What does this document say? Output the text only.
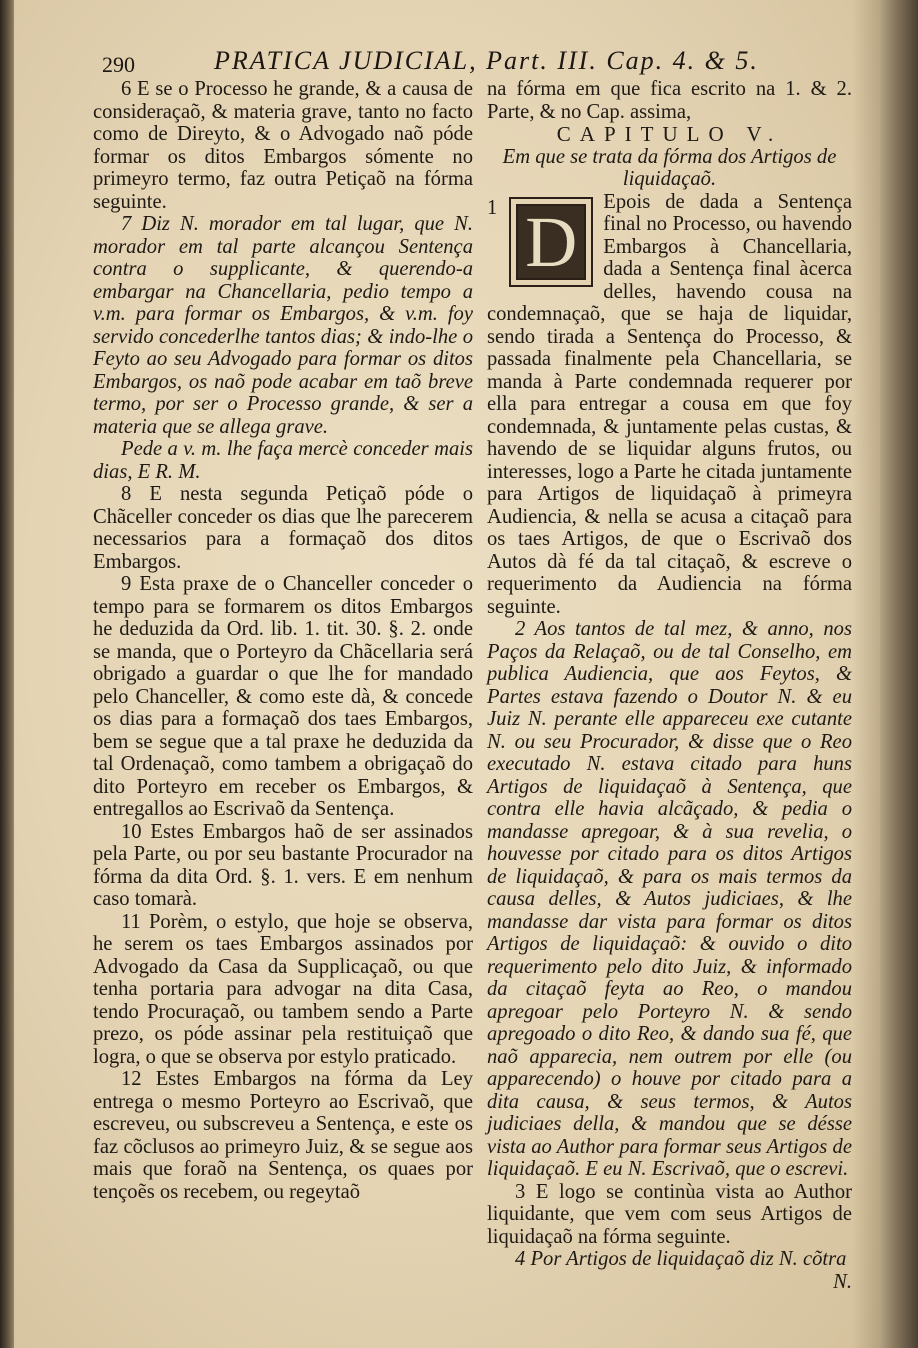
290	PRATICA JUDICIAL, Part. III. Cap. 4. & 5.

6 E se o Processo he grande, & a causa de consideraçaõ, & materia grave, tanto no facto como de Direyto, & o Advogado naõ póde formar os ditos Embargos sómente no primeyro termo, faz outra Petiçaõ na fórma seguinte.

7 Diz N. morador em tal lugar, que N. morador em tal parte alcançou Sentença contra o supplicante, & querendo-a embargar na Chancellaria, pedio tempo a v.m. para formar os Embargos, & v.m. foy servido concederlhe tantos dias; & indo-lhe o Feyto ao seu Advogado para formar os ditos Embargos, os naõ pode acabar em taõ breve termo, por ser o Processo grande, & ser a materia que se allega grave.

Pede a v. m. lhe faça mercè conceder mais dias, E R. M.

8 E nesta segunda Petiçaõ póde o Chãceller conceder os dias que lhe parecerem necessarios para a formaçaõ dos ditos Embargos.

9 Esta praxe de o Chanceller conceder o tempo para se formarem os ditos Embargos he deduzida da Ord. lib. 1. tit. 30. §. 2. onde se manda, que o Porteyro da Chãcellaria será obrigado a guardar o que lhe for mandado pelo Chanceller, & como este dà, & concede os dias para a formaçaõ dos taes Embargos, bem se segue que a tal praxe he deduzida da tal Ordenaçaõ, como tambem a obrigaçaõ do dito Porteyro em receber os Embargos, & entregallos ao Escrivaõ da Sentença.

10 Estes Embargos haõ de ser assinados pela Parte, ou por seu bastante Procurador na fórma da dita Ord. §. 1. vers. E em nenhum caso tomarà.

11 Porèm, o estylo, que hoje se observa, he serem os taes Embargos assinados por Advogado da Casa da Supplicaçaõ, ou que tenha portaria para advogar na dita Casa, tendo Procuraçaõ, ou tambem sendo a Parte prezo, os póde assinar pela restituiçaõ que logra, o que se observa por estylo praticado.

12 Estes Embargos na fórma da Ley entrega o mesmo Porteyro ao Escrivaõ, que escreveu, ou subscreveu a Sentença, e este os faz cõclusos ao primeyro Juiz, & se segue aos mais que foraõ na Sentença, os quaes por tençoẽs os recebem, ou regeytaõ

na fórma em que fica escrito na 1. & 2. Parte, & no Cap. assima,

CAPITULO V.

Em que se trata da fórma dos Artigos de liquidaçaõ.

1 D	Epois de dada a Sentença final no Processo, ou havendo Embargos à Chancellaria, dada a Sentença final àcerca delles, havendo cousa na condemnaçaõ, que se haja de liquidar, sendo tirada a Sentença do Processo, & passada finalmente pela Chancellaria, se manda à Parte condemnada requerer por ella para entregar a cousa em que foy condemnada, & juntamente pelas custas, & havendo de se liquidar alguns frutos, ou interesses, logo a Parte he citada juntamente para Artigos de liquidaçaõ à primeyra Audiencia, & nella se acusa a citaçaõ para os taes Artigos, de que o Escrivaõ dos Autos dà fé da tal citaçaõ, & escreve o requerimento da Audiencia na fórma seguinte.

2 Aos tantos de tal mez, & anno, nos Paços da Relaçaõ, ou de tal Conselho, em publica Audiencia, que aos Feytos, & Partes estava fazendo o Doutor N. & eu Juiz N. perante elle appareceu exe cutante N. ou seu Procurador, & disse que o Reo executado N. estava citado para huns Artigos de liquidaçaõ à Sentença, que contra elle havia alcãçado, & pedia o mandasse apregoar, & à sua revelia, o houvesse por citado para os ditos Artigos de liquidaçaõ, & para os mais termos da causa delles, & Autos judiciaes, & lhe mandasse dar vista para formar os ditos Artigos de liquidaçaõ: & ouvido o dito requerimento pelo dito Juiz, & informado da citaçaõ feyta ao Reo, o mandou apregoar pelo Porteyro N. & sendo apregoado o dito Reo, & dando sua fé, que naõ apparecia, nem outrem por elle (ou apparecendo) o houve por citado para a dita causa, & seus termos, & Autos judiciaes della, & mandou que se désse vista ao Author para formar seus Artigos de liquidaçaõ. E eu N. Escrivaõ, que o escrevi.

3 E logo se continùa vista ao Author liquidante, que vem com seus Artigos de liquidaçaõ na fórma seguinte.

4 Por Artigos de liquidaçaõ diz N. cõtra

N.
